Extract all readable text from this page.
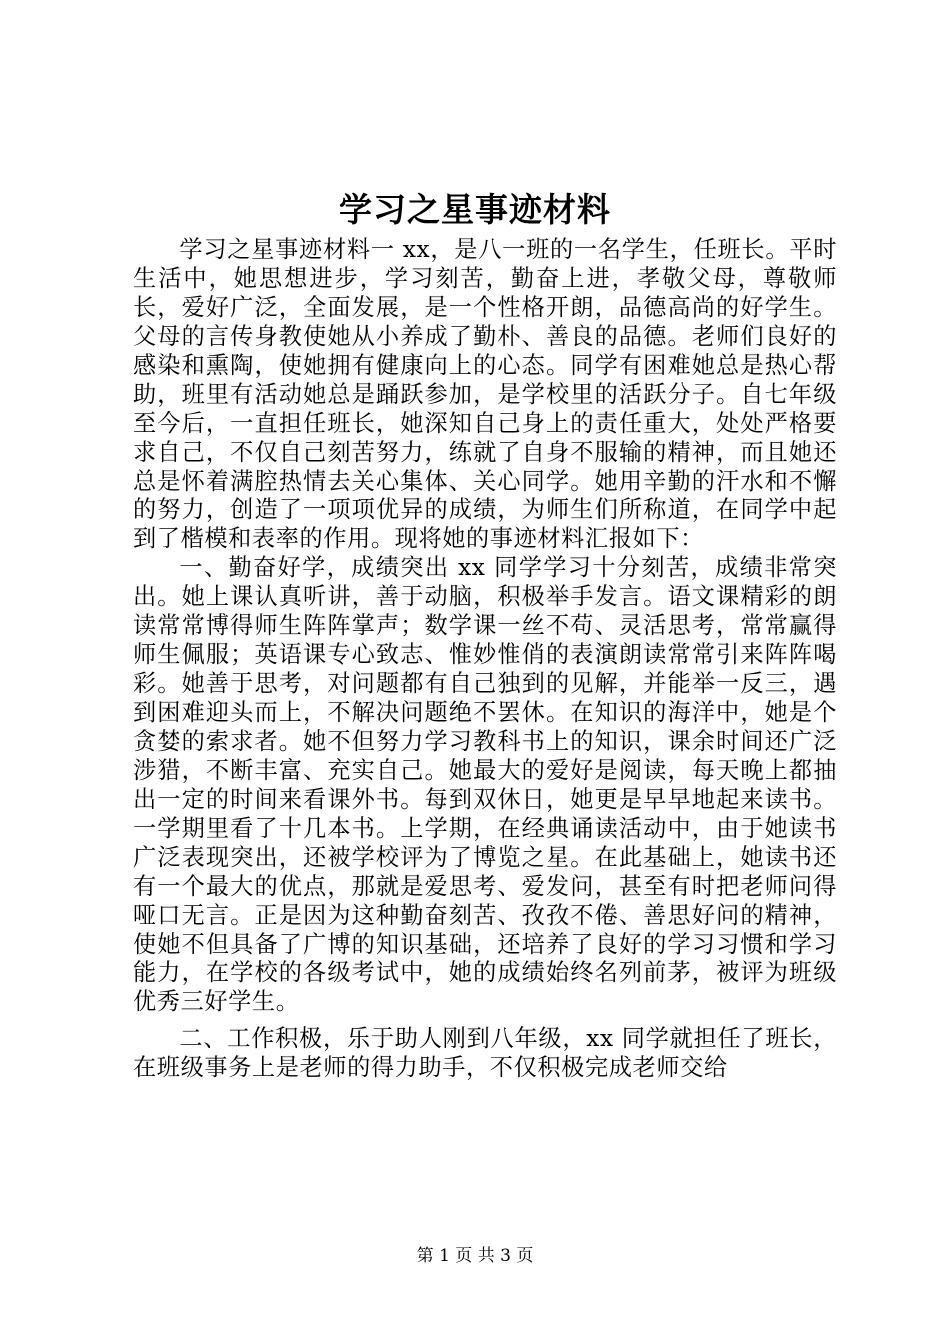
学习之星事迹材料

学习之星事迹材料一 xx，是八一班的一名学生，任班长。平时生活中，她思想进步，学习刻苦，勤奋上进，孝敬父母，尊敬师长，爱好广泛，全面发展，是一个性格开朗，品德高尚的好学生。父母的言传身教使她从小养成了勤朴、善良的品德。老师们良好的感染和熏陶，使她拥有健康向上的心态。同学有困难她总是热心帮助，班里有活动她总是踊跃参加，是学校里的活跃分子。自七年级至今后，一直担任班长，她深知自己身上的责任重大，处处严格要求自己，不仅自己刻苦努力，练就了自身不服输的精神，而且她还总是怀着满腔热情去关心集体、关心同学。她用辛勤的汗水和不懈的努力，创造了一项项优异的成绩，为师生们所称道，在同学中起到了楷模和表率的作用。现将她的事迹材料汇报如下：

一、勤奋好学，成绩突出 xx 同学学习十分刻苦，成绩非常突出。她上课认真听讲，善于动脑，积极举手发言。语文课精彩的朗读常常博得师生阵阵掌声；数学课一丝不苟、灵活思考，常常赢得师生佩服；英语课专心致志、惟妙惟俏的表演朗读常常引来阵阵喝彩。她善于思考，对问题都有自己独到的见解，并能举一反三，遇到困难迎头而上，不解决问题绝不罢休。在知识的海洋中，她是个贪婪的索求者。她不但努力学习教科书上的知识，课余时间还广泛涉猎，不断丰富、充实自己。她最大的爱好是阅读，每天晚上都抽出一定的时间来看课外书。每到双休日，她更是早早地起来读书。一学期里看了十几本书。上学期，在经典诵读活动中，由于她读书广泛表现突出，还被学校评为了博览之星。在此基础上，她读书还有一个最大的优点，那就是爱思考、爱发问，甚至有时把老师问得哑口无言。正是因为这种勤奋刻苦、孜孜不倦、善思好问的精神，使她不但具备了广博的知识基础，还培养了良好的学习习惯和学习能力，在学校的各级考试中，她的成绩始终名列前茅，被评为班级优秀三好学生。

二、工作积极，乐于助人刚到八年级，xx 同学就担任了班长，在班级事务上是老师的得力助手，不仅积极完成老师交给

第 1 页 共 3 页
